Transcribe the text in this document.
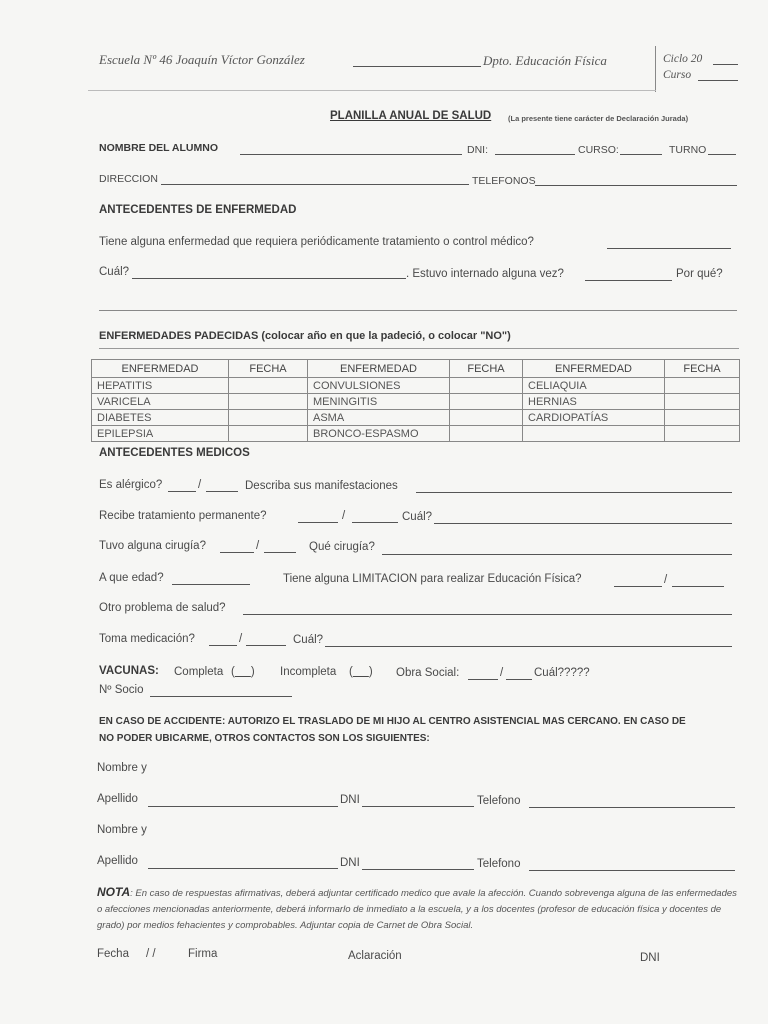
Escuela Nº 46 Joaquín Víctor González	Dpto. Educación Física	Ciclo 20
Curso
PLANILLA ANUAL DE SALUD (La presente tiene carácter de Declaración Jurada)
NOMBRE DEL ALUMNO	DNI:	CURSO:	TURNO
DIRECCION	TELEFONOS
ANTECEDENTES DE ENFERMEDAD
Tiene alguna enfermedad que requiera periódicamente tratamiento o control médico?
Cuál?	. Estuvo internado alguna vez?	Por qué?
ENFERMEDADES PADECIDAS (colocar año en que la padeció, o colocar "NO")
ENFERMEDAD	FECHA	ENFERMEDAD	FECHA	ENFERMEDAD	FECHA
HEPATITIS		CONVULSIONES		CELIAQUIA	
VARICELA		MENINGITIS		HERNIAS	
DIABETES		ASMA		CARDIOPATÍAS	
EPILEPSIA		BRONCO-ESPASMO			
ANTECEDENTES MEDICOS
Es alérgico?	/	Describa sus manifestaciones
Recibe tratamiento permanente?	/	Cuál?
Tuvo alguna cirugía?	/	Qué cirugía?
A que edad?	Tiene alguna LIMITACION para realizar Educación Física?	/
Otro problema de salud?
Toma medicación?	/	Cuál?
VACUNAS: Completa ( ) Incompleta ( ) Obra Social:	/	Cuál?????
Nº Socio
EN CASO DE ACCIDENTE: AUTORIZO EL TRASLADO DE MI HIJO AL CENTRO ASISTENCIAL MAS CERCANO. EN CASO DE
NO PODER UBICARME, OTROS CONTACTOS SON LOS SIGUIENTES:
Nombre y
Apellido	DNI	Telefono
Nombre y
Apellido	DNI	Telefono
NOTA: En caso de respuestas afirmativas, deberá adjuntar certificado medico que avale la afección. Cuando sobrevenga alguna de las enfermedades o afecciones mencionadas anteriormente, deberá informarlo de inmediato a la escuela, y a los docentes (profesor de educación física y docentes de grado) por medios fehacientes y comprobables. Adjuntar copia de Carnet de Obra Social.
Fecha / /	Firma	Aclaración	DNI
